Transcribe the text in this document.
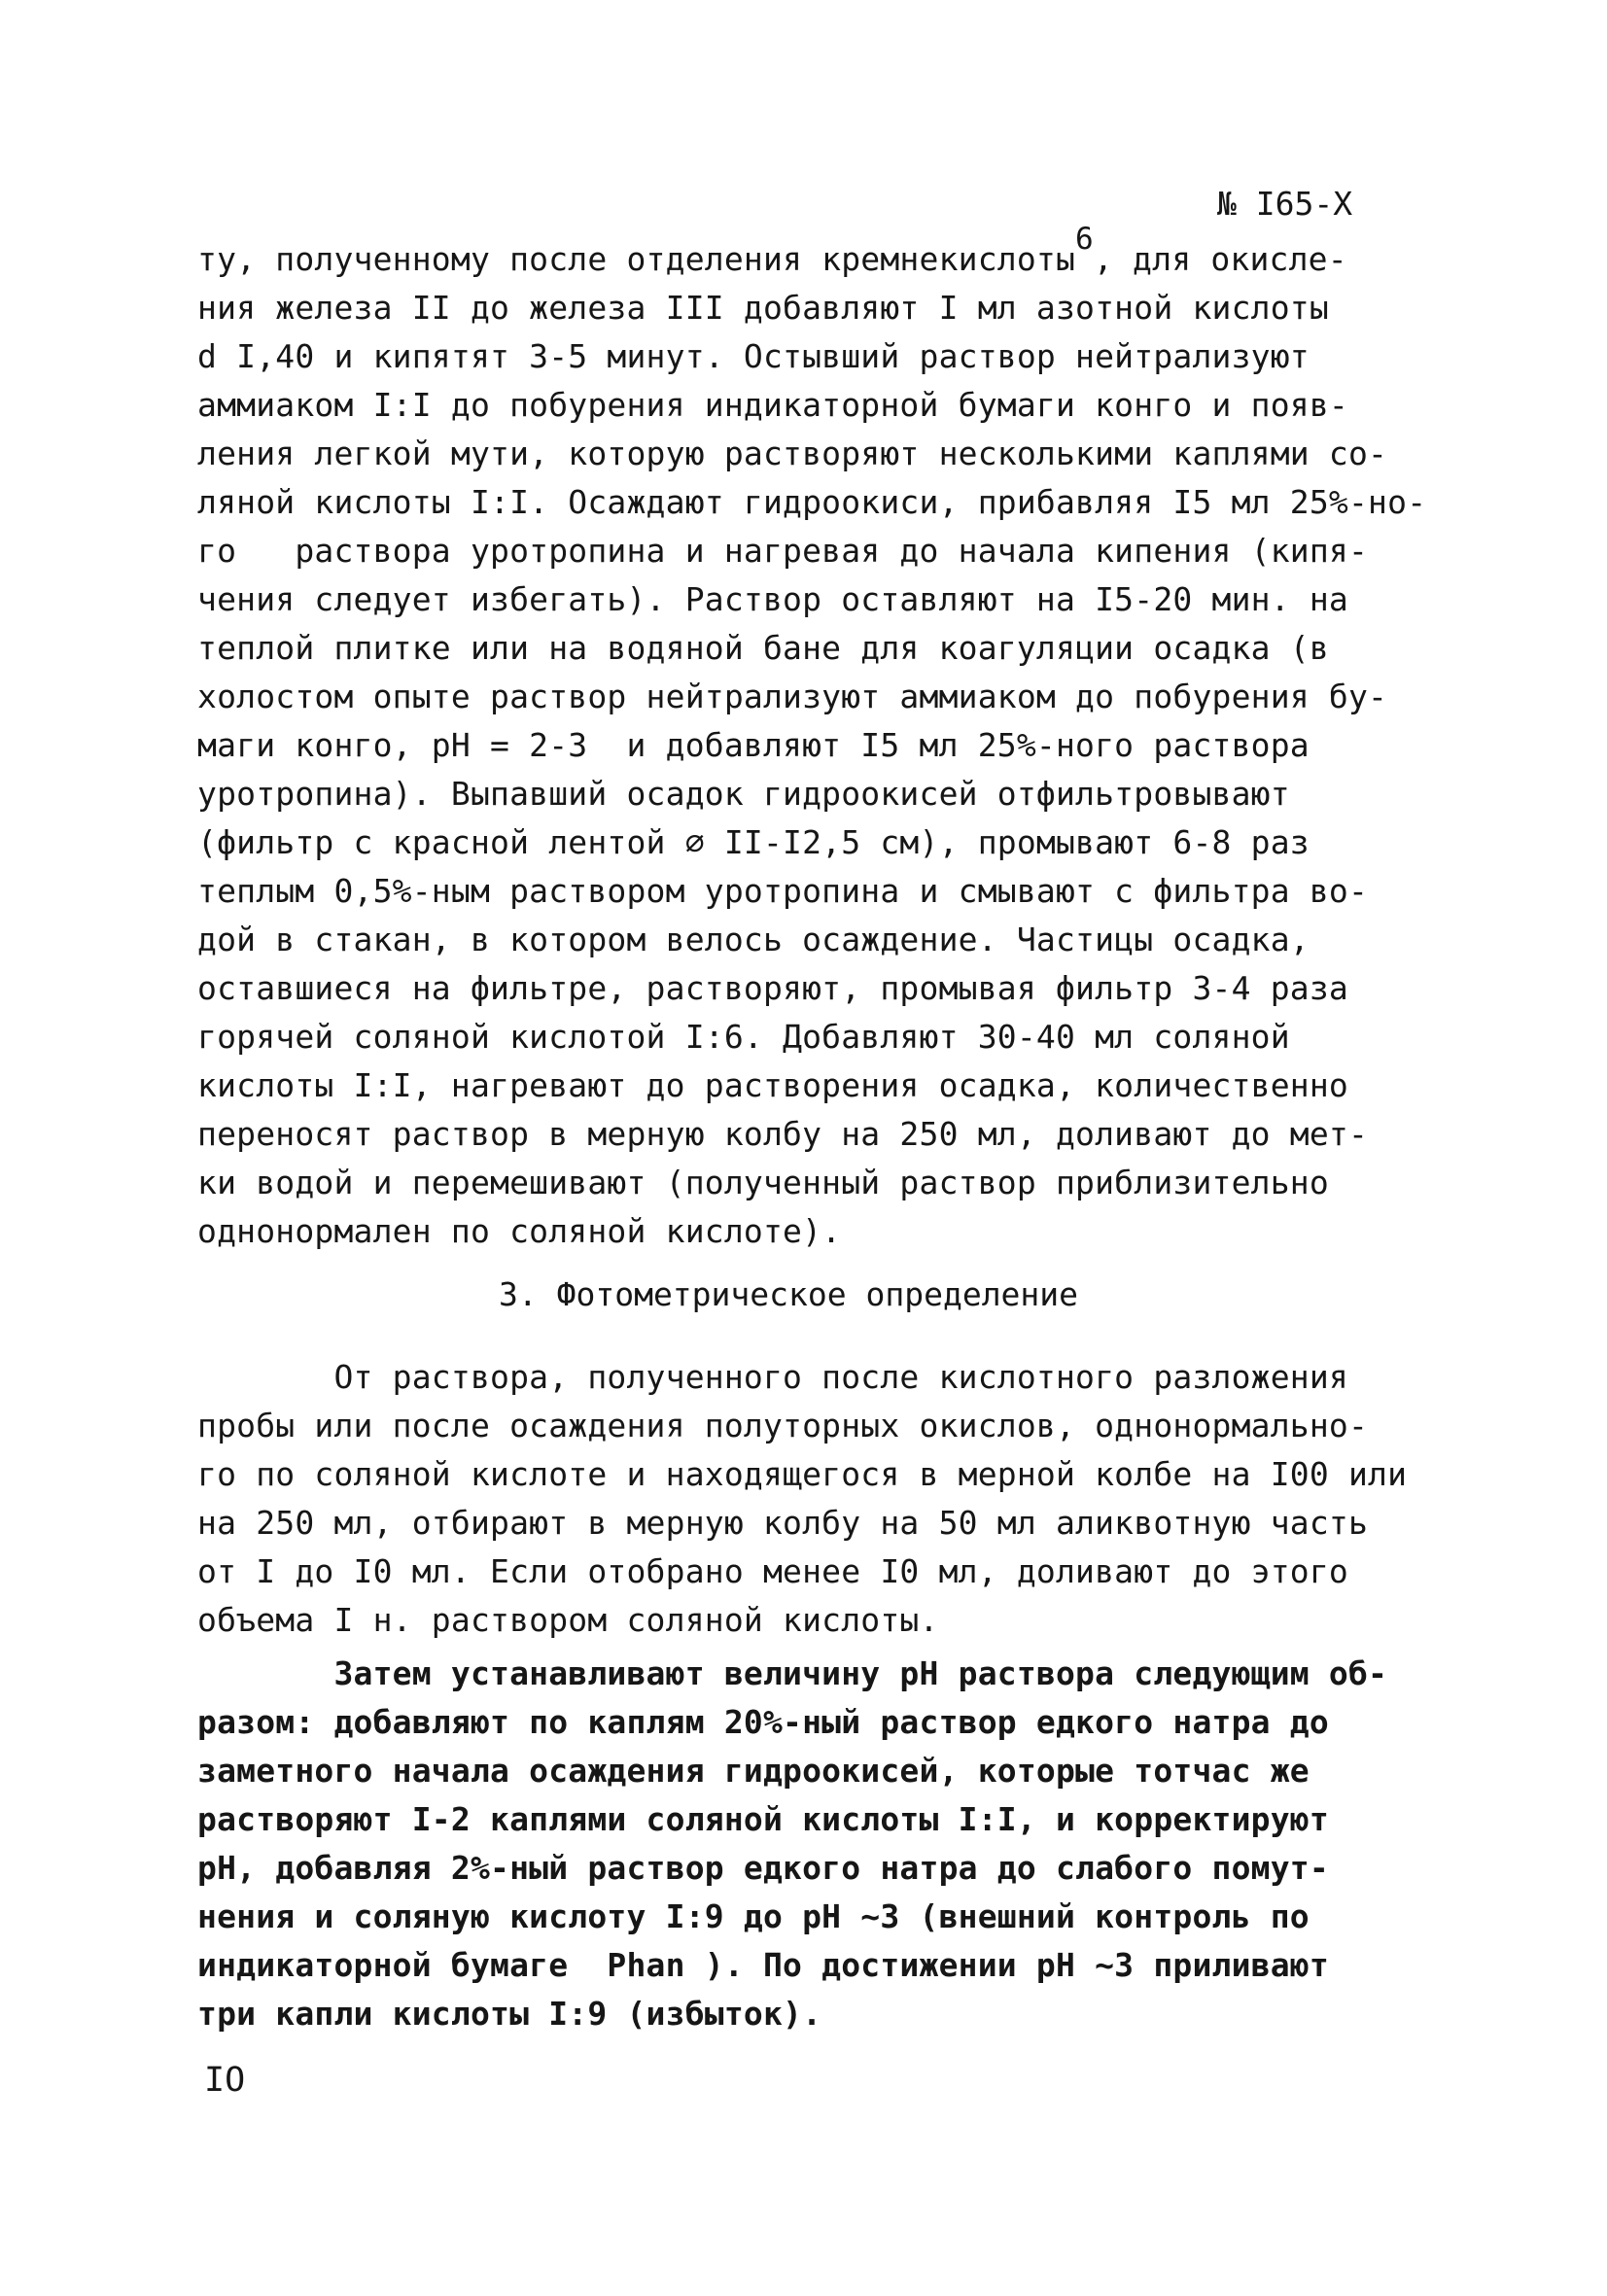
№ I65-X
ту, полученному после отделения кремнекислоты6, для окисле-
ния железа II до железа III добавляют I мл азотной кислоты
d I,40 и кипятят 3-5 минут. Остывший раствор нейтрализуют
аммиаком I:I до побурения индикаторной бумаги конго и появ-
ления легкой мути, которую растворяют несколькими каплями со-
ляной кислоты I:I. Осаждают гидроокиси, прибавляя I5 мл 25%-но-
го   раствора уротропина и нагревая до начала кипения (кипя-
чения следует избегать). Раствор оставляют на I5-20 мин. на
теплой плитке или на водяной бане для коагуляции осадка (в
холостом опыте раствор нейтрализуют аммиаком до побурения бу-
маги конго, pH = 2-3  и добавляют I5 мл 25%-ного раствора
уротропина). Выпавший осадок гидроокисей отфильтровывают
(фильтр с красной лентой ⌀ II-I2,5 см), промывают 6-8 раз
теплым 0,5%-ным раствором уротропина и смывают с фильтра во-
дой в стакан, в котором велось осаждение. Частицы осадка,
оставшиеся на фильтре, растворяют, промывая фильтр 3-4 раза
горячей соляной кислотой I:6. Добавляют 30-40 мл соляной
кислоты I:I, нагревают до растворения осадка, количественно
переносят раствор в мерную колбу на 250 мл, доливают до мет-
ки водой и перемешивают (полученный раствор приблизительно
однонормален по соляной кислоте).
3. Фотометрическое определение
От раствора, полученного после кислотного разложения
пробы или после осаждения полуторных окислов, однонормально-
го по соляной кислоте и находящегося в мерной колбе на I00 или
на 250 мл, отбирают в мерную колбу на 50 мл аликвотную часть
от I до I0 мл. Если отобрано менее I0 мл, доливают до этого
объема I н. раствором соляной кислоты.
Затем устанавливают величину pH раствора следующим об-
разом: добавляют по каплям 20%-ный раствор едкого натра до
заметного начала осаждения гидроокисей, которые тотчас же
растворяют I-2 каплями соляной кислоты I:I, и корректируют
pH, добавляя 2%-ный раствор едкого натра до слабого помут-
нения и соляную кислоту I:9 до pH ~3 (внешний контроль по
индикаторной бумаге  Phan ). По достижении pH ~3 приливают
три капли кислоты I:9 (избыток).
IO
